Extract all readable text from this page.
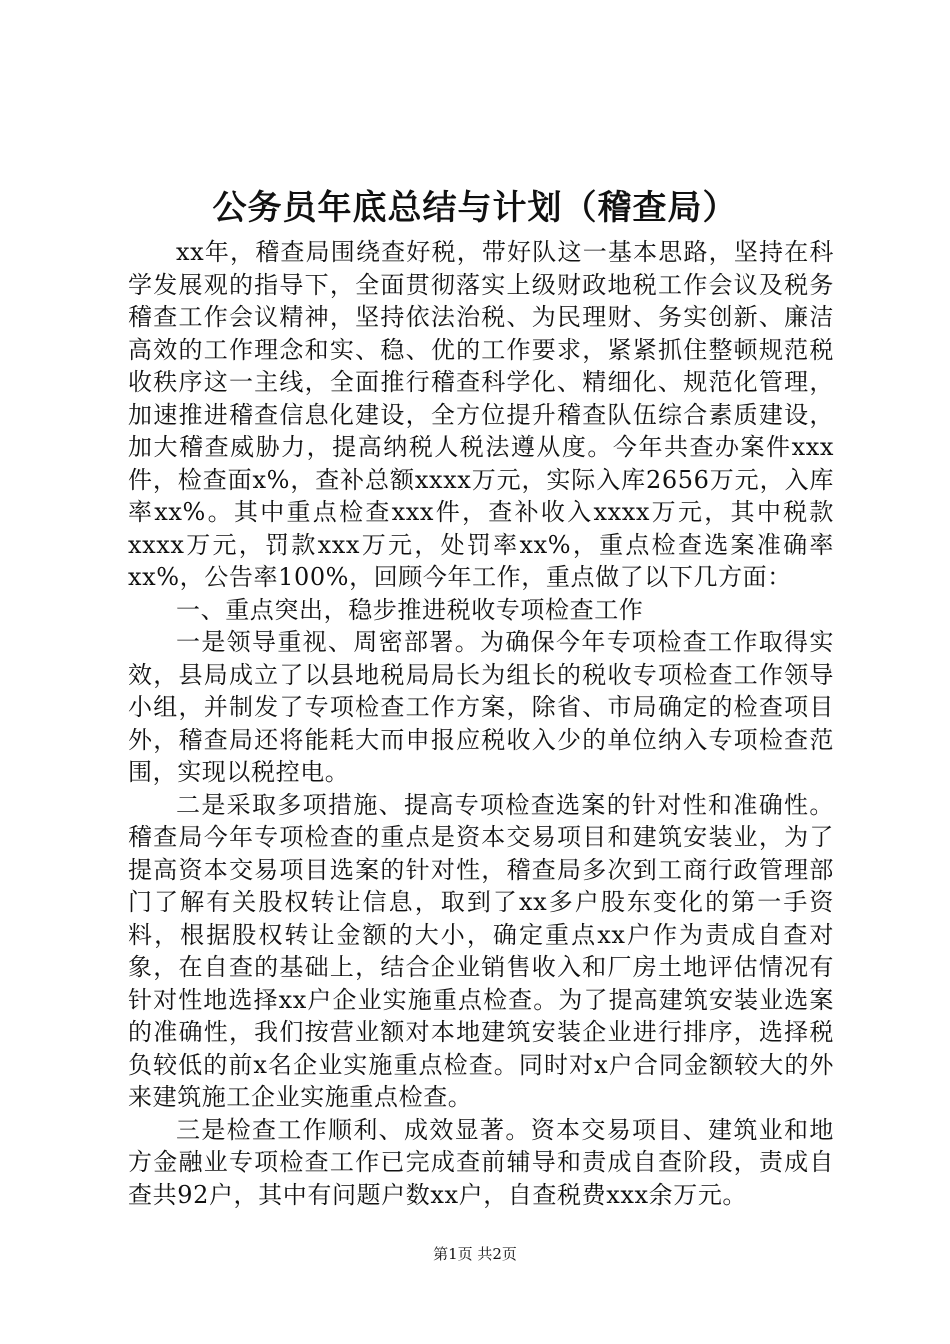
公务员年底总结与计划（稽查局）

xx年，稽查局围绕查好税，带好队这一基本思路，坚持在科学发展观的指导下，全面贯彻落实上级财政地税工作会议及税务稽查工作会议精神，坚持依法治税、为民理财、务实创新、廉洁高效的工作理念和实、稳、优的工作要求，紧紧抓住整顿规范税收秩序这一主线，全面推行稽查科学化、精细化、规范化管理，加速推进稽查信息化建设，全方位提升稽查队伍综合素质建设，加大稽查威胁力，提高纳税人税法遵从度。今年共查办案件xxx件，检查面x%，查补总额xxxx万元，实际入库2656万元，入库率xx%。其中重点检查xxx件，查补收入xxxx万元，其中税款xxxx万元，罚款xxx万元，处罚率xx%，重点检查选案准确率xx%，公告率100%，回顾今年工作，重点做了以下几方面：

一、重点突出，稳步推进税收专项检查工作

一是领导重视、周密部署。为确保今年专项检查工作取得实效，县局成立了以县地税局局长为组长的税收专项检查工作领导小组，并制发了专项检查工作方案，除省、市局确定的检查项目外，稽查局还将能耗大而申报应税收入少的单位纳入专项检查范围，实现以税控电。

二是采取多项措施、提高专项检查选案的针对性和准确性。稽查局今年专项检查的重点是资本交易项目和建筑安装业，为了提高资本交易项目选案的针对性，稽查局多次到工商行政管理部门了解有关股权转让信息，取到了xx多户股东变化的第一手资料，根据股权转让金额的大小，确定重点xx户作为责成自查对象，在自查的基础上，结合企业销售收入和厂房土地评估情况有针对性地选择xx户企业实施重点检查。为了提高建筑安装业选案的准确性，我们按营业额对本地建筑安装企业进行排序，选择税负较低的前x名企业实施重点检查。同时对x户合同金额较大的外来建筑施工企业实施重点检查。

三是检查工作顺利、成效显著。资本交易项目、建筑业和地方金融业专项检查工作已完成查前辅导和责成自查阶段，责成自查共92户，其中有问题户数xx户，自查税费xxx余万元。

第1页 共2页
